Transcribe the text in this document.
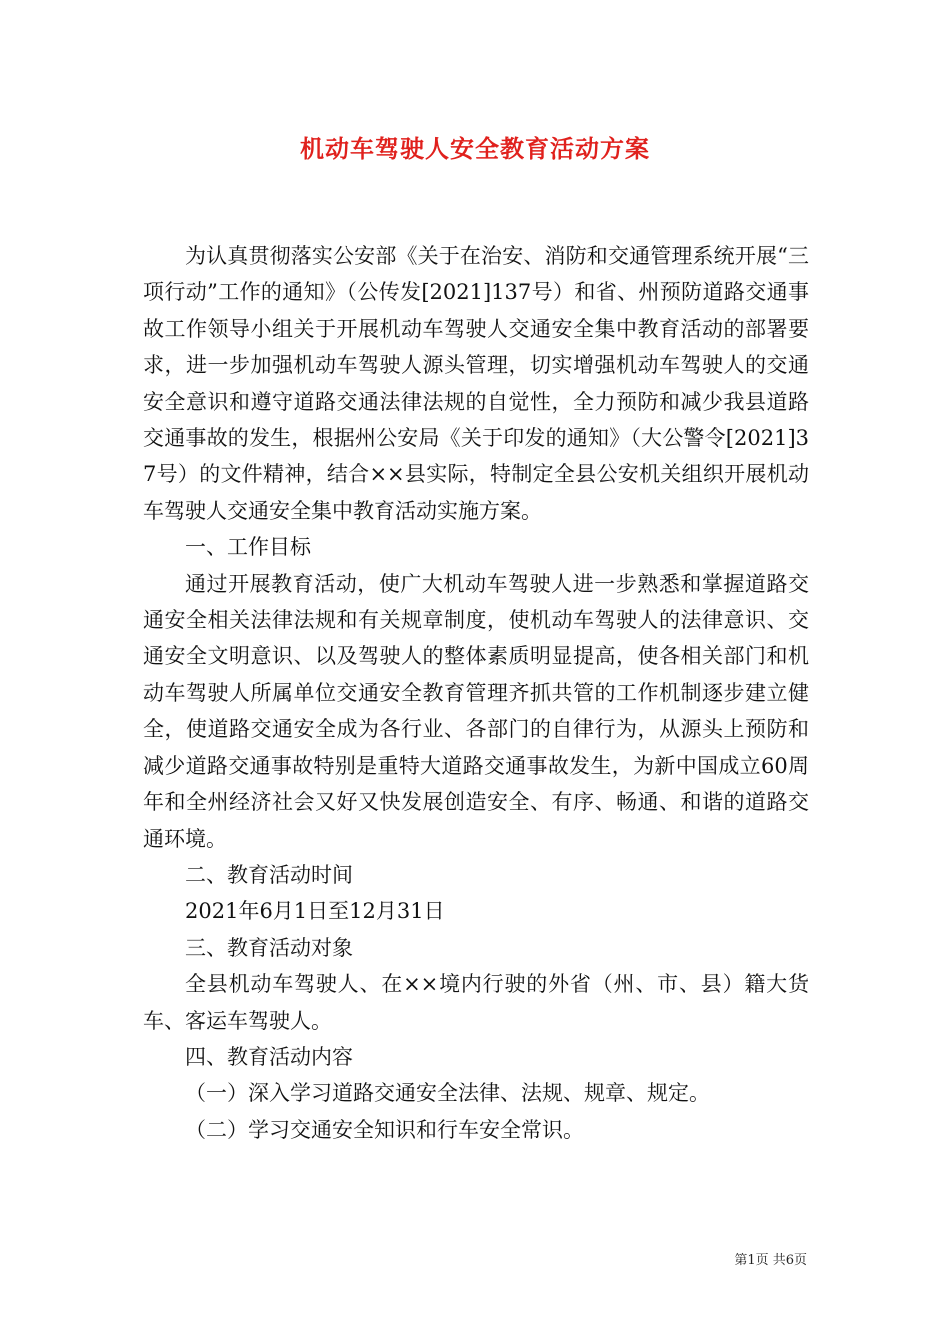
机动车驾驶人安全教育活动方案

为认真贯彻落实公安部《关于在治安、消防和交通管理系统开展“三项行动”工作的通知》（公传发[2021]137号）和省、州预防道路交通事故工作领导小组关于开展机动车驾驶人交通安全集中教育活动的部署要求，进一步加强机动车驾驶人源头管理，切实增强机动车驾驶人的交通安全意识和遵守道路交通法律法规的自觉性，全力预防和减少我县道路交通事故的发生，根据州公安局《关于印发的通知》（大公警令[2021]37号）的文件精神，结合××县实际，特制定全县公安机关组织开展机动车驾驶人交通安全集中教育活动实施方案。

一、工作目标

通过开展教育活动，使广大机动车驾驶人进一步熟悉和掌握道路交通安全相关法律法规和有关规章制度，使机动车驾驶人的法律意识、交通安全文明意识、以及驾驶人的整体素质明显提高，使各相关部门和机动车驾驶人所属单位交通安全教育管理齐抓共管的工作机制逐步建立健全，使道路交通安全成为各行业、各部门的自律行为，从源头上预防和减少道路交通事故特别是重特大道路交通事故发生，为新中国成立60周年和全州经济社会又好又快发展创造安全、有序、畅通、和谐的道路交通环境。

二、教育活动时间

2021年6月1日至12月31日

三、教育活动对象

全县机动车驾驶人、在××境内行驶的外省（州、市、县）籍大货车、客运车驾驶人。

四、教育活动内容

（一）深入学习道路交通安全法律、法规、规章、规定。

（二）学习交通安全知识和行车安全常识。

第1页 共6页
